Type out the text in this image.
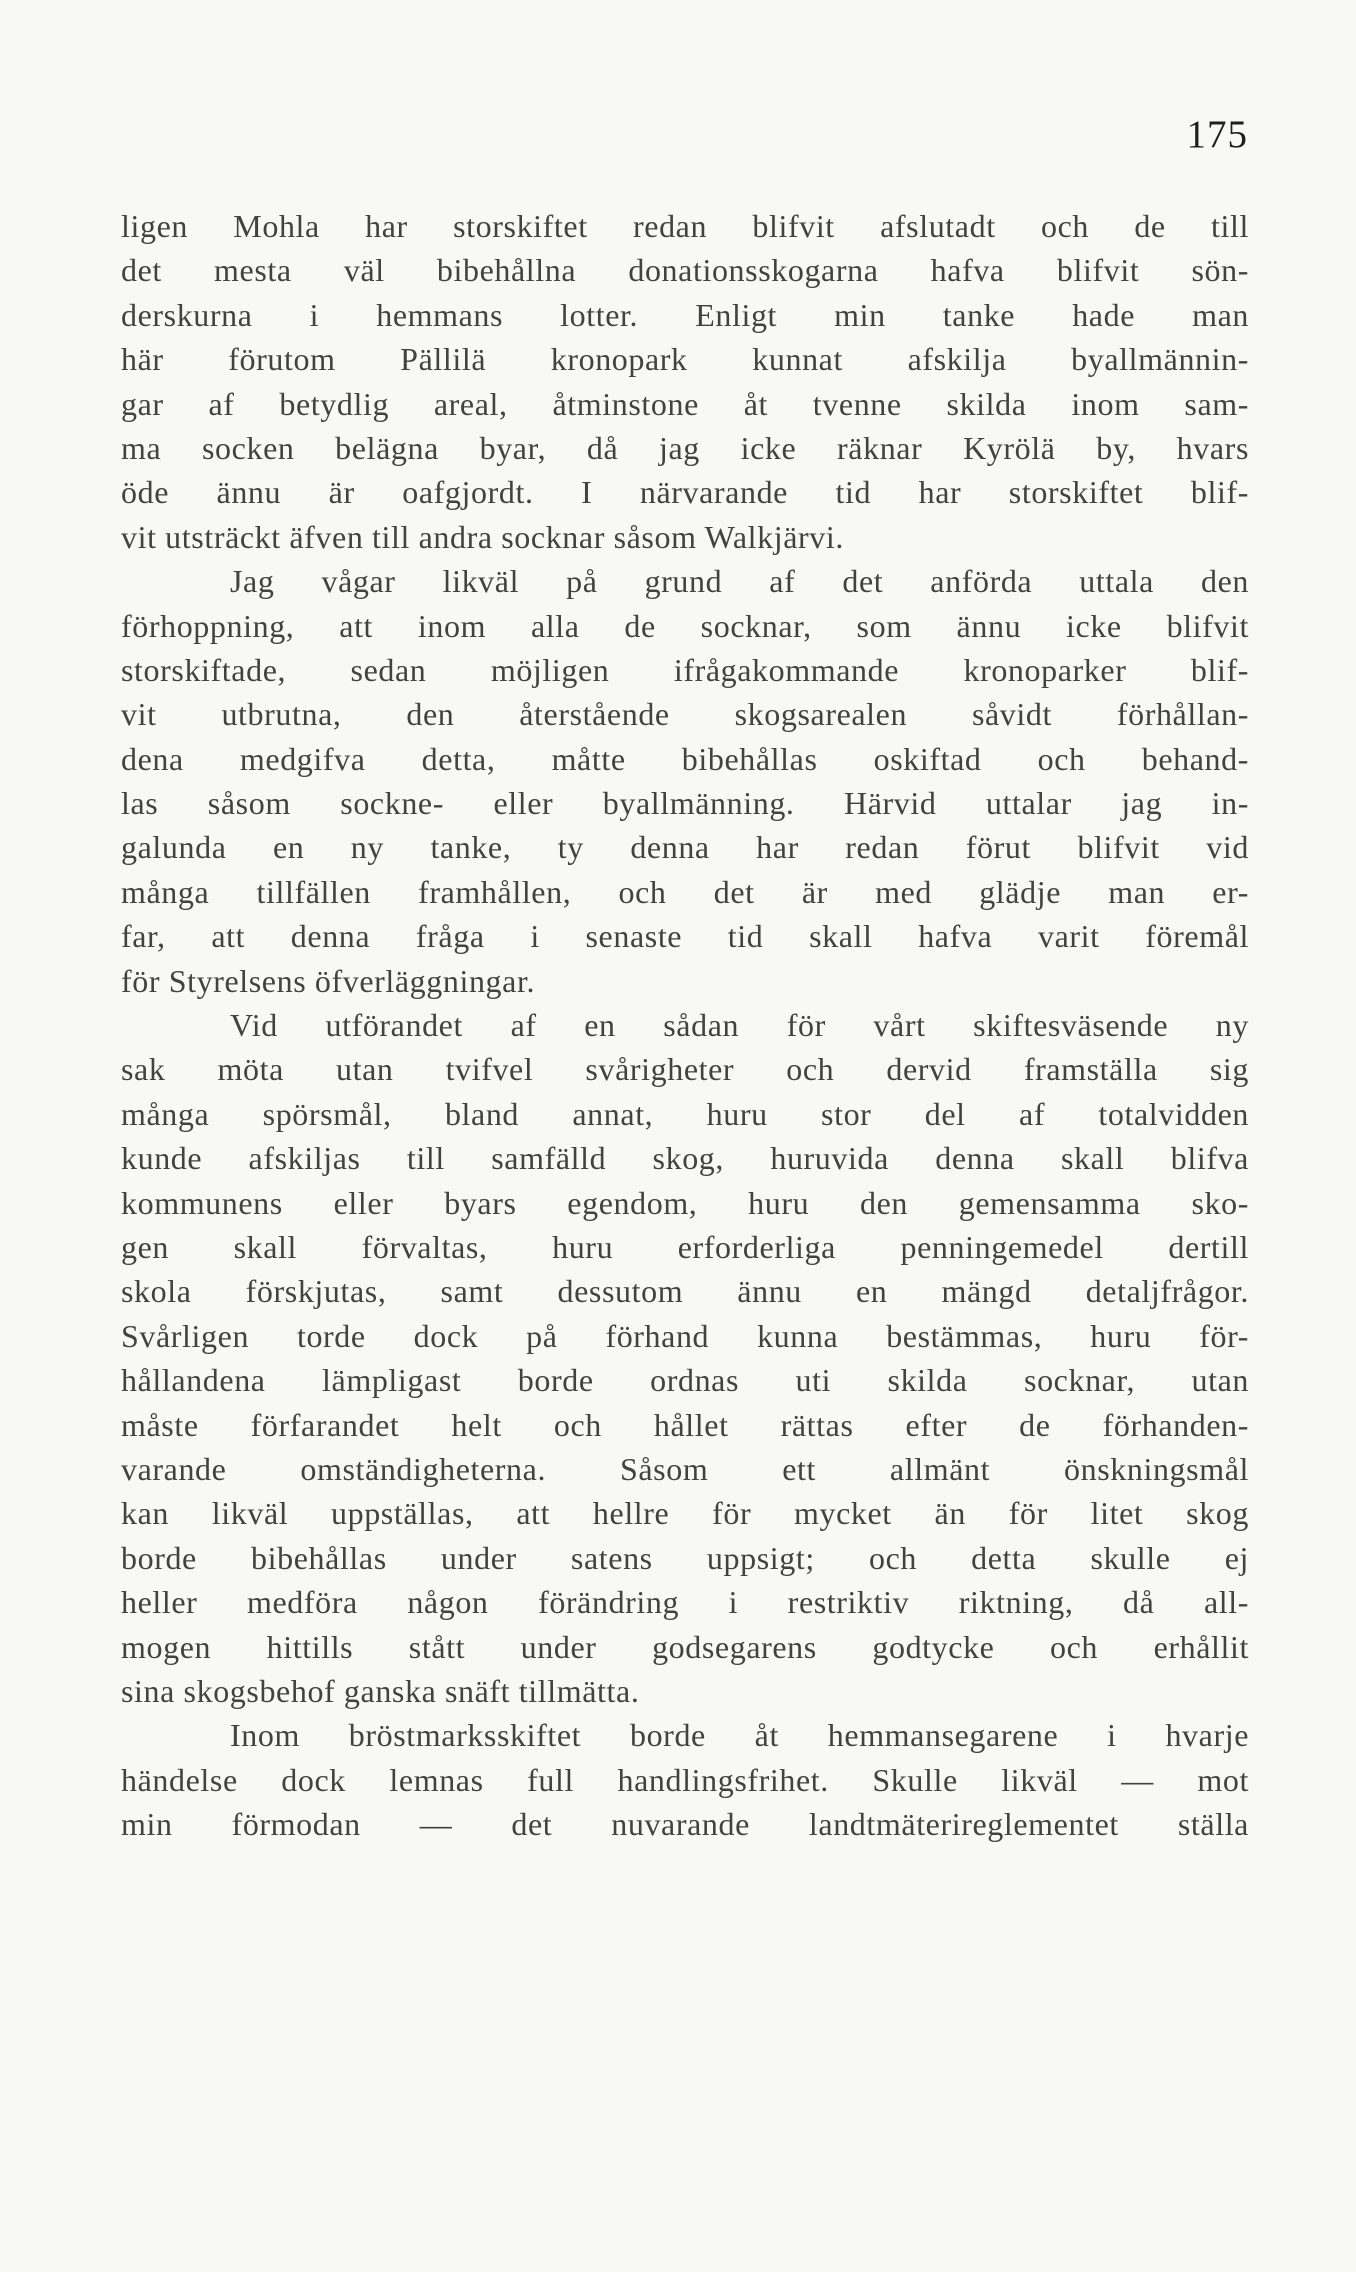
175
ligen Mohla har storskiftet redan blifvit afslutadt och de till
det mesta väl bibehållna donationsskogarna hafva blifvit sön-
derskurna i hemmans lotter. Enligt min tanke hade man
här förutom Pällilä kronopark kunnat afskilja byallmännin-
gar af betydlig areal, åtminstone åt tvenne skilda inom sam-
ma socken belägna byar, då jag icke räknar Kyrölä by, hvars
öde ännu är oafgjordt. I närvarande tid har storskiftet blif-
vit utsträckt äfven till andra socknar såsom Walkjärvi.
Jag vågar likväl på grund af det anförda uttala den
förhoppning, att inom alla de socknar, som ännu icke blifvit
storskiftade, sedan möjligen ifrågakommande kronoparker blif-
vit utbrutna, den återstående skogsarealen såvidt förhållan-
dena medgifva detta, måtte bibehållas oskiftad och behand-
las såsom sockne- eller byallmänning. Härvid uttalar jag in-
galunda en ny tanke, ty denna har redan förut blifvit vid
många tillfällen framhållen, och det är med glädje man er-
far, att denna fråga i senaste tid skall hafva varit föremål
för Styrelsens öfverläggningar.
Vid utförandet af en sådan för vårt skiftesväsende ny
sak möta utan tvifvel svårigheter och dervid framställa sig
många spörsmål, bland annat, huru stor del af totalvidden
kunde afskiljas till samfälld skog, huruvida denna skall blifva
kommunens eller byars egendom, huru den gemensamma sko-
gen skall förvaltas, huru erforderliga penningemedel dertill
skola förskjutas, samt dessutom ännu en mängd detaljfrågor.
Svårligen torde dock på förhand kunna bestämmas, huru för-
hållandena lämpligast borde ordnas uti skilda socknar, utan
måste förfarandet helt och hållet rättas efter de förhanden-
varande omständigheterna. Såsom ett allmänt önskningsmål
kan likväl uppställas, att hellre för mycket än för litet skog
borde bibehållas under satens uppsigt; och detta skulle ej
heller medföra någon förändring i restriktiv riktning, då all-
mogen hittills stått under godsegarens godtycke och erhållit
sina skogsbehof ganska snäft tillmätta.
Inom bröstmarksskiftet borde åt hemmansegarene i hvarje
händelse dock lemnas full handlingsfrihet. Skulle likväl — mot
min förmodan — det nuvarande landtmäterireglementet ställa
